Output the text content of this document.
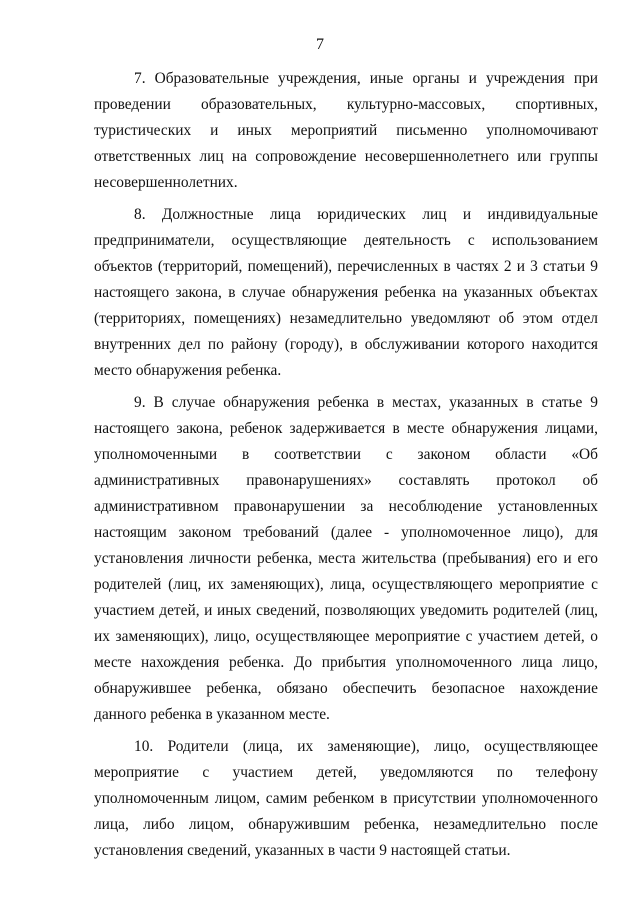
7

7. Образовательные учреждения, иные органы и учреждения при проведении образовательных, культурно-массовых, спортивных, туристических и иных мероприятий письменно уполномочивают ответственных лиц на сопровождение несовершеннолетнего или группы несовершеннолетних.

8. Должностные лица юридических лиц и индивидуальные предприниматели, осуществляющие деятельность с использованием объектов (территорий, помещений), перечисленных в частях 2 и 3 статьи 9 настоящего закона, в случае обнаружения ребенка на указанных объектах (территориях, помещениях) незамедлительно уведомляют об этом отдел внутренних дел по району (городу), в обслуживании которого находится место обнаружения ребенка.

9. В случае обнаружения ребенка в местах, указанных в статье 9 настоящего закона, ребенок задерживается в месте обнаружения лицами, уполномоченными в соответствии с законом области «Об административных правонарушениях» составлять протокол об административном правонарушении за несоблюдение установленных настоящим законом требований (далее - уполномоченное лицо), для установления личности ребенка, места жительства (пребывания) его и его родителей (лиц, их заменяющих), лица, осуществляющего мероприятие с участием детей, и иных сведений, позволяющих уведомить родителей (лиц, их заменяющих), лицо, осуществляющее мероприятие с участием детей, о месте нахождения ребенка. До прибытия уполномоченного лица лицо, обнаружившее ребенка, обязано обеспечить безопасное нахождение данного ребенка в указанном месте.

10. Родители (лица, их заменяющие), лицо, осуществляющее мероприятие с участием детей, уведомляются по телефону уполномоченным лицом, самим ребенком в присутствии уполномоченного лица, либо лицом, обнаружившим ребенка, незамедлительно после установления сведений, указанных в части 9 настоящей статьи.
